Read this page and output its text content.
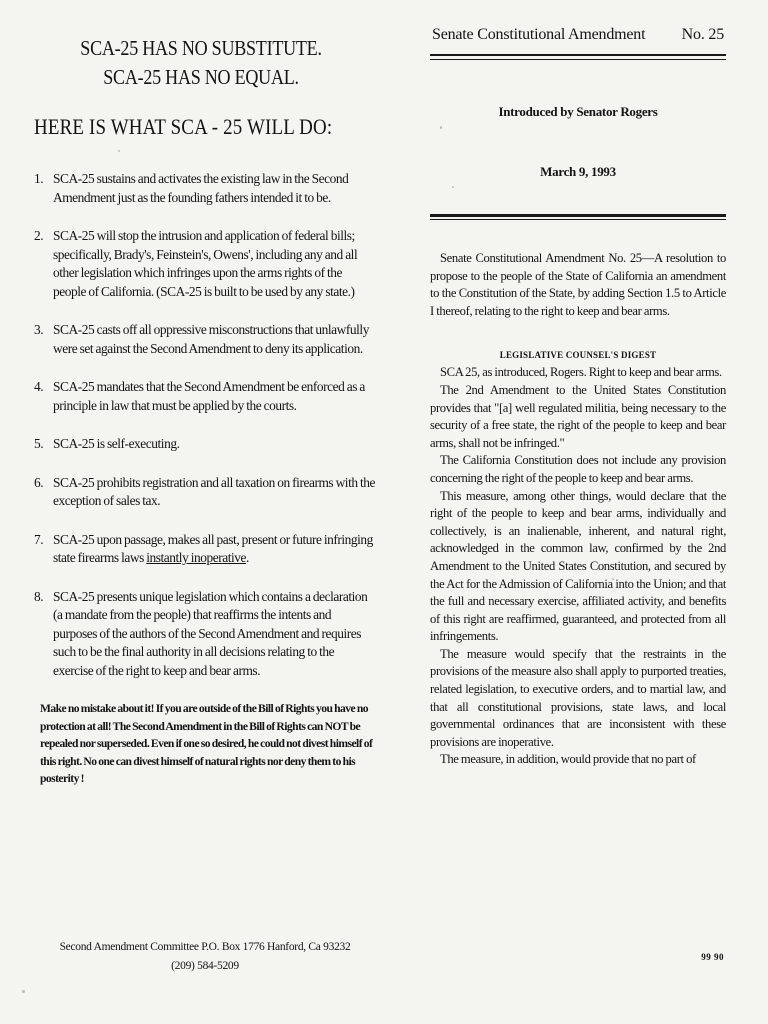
SCA-25 HAS NO SUBSTITUTE.
SCA-25 HAS NO EQUAL.
HERE IS WHAT SCA - 25 WILL DO:
1. SCA-25 sustains and activates the existing law in the Second Amendment just as the founding fathers intended it to be.
2. SCA-25 will stop the intrusion and application of federal bills; specifically, Brady's, Feinstein's, Owens', including any and all other legislation which infringes upon the arms rights of the people of California. (SCA-25 is built to be used by any state.)
3. SCA-25 casts off all oppressive misconstructions that unlawfully were set against the Second Amendment to deny its application.
4. SCA-25 mandates that the Second Amendment be enforced as a principle in law that must be applied by the courts.
5. SCA-25 is self-executing.
6. SCA-25 prohibits registration and all taxation on firearms with the exception of sales tax.
7. SCA-25 upon passage, makes all past, present or future infringing state firearms laws instantly inoperative.
8. SCA-25 presents unique legislation which contains a declaration (a mandate from the people) that reaffirms the intents and purposes of the authors of the Second Amendment and requires such to be the final authority in all decisions relating to the exercise of the right to keep and bear arms.

Make no mistake about it! If you are outside of the Bill of Rights you have no protection at all! The Second Amendment in the Bill of Rights can NOT be repealed nor superseded. Even if one so desired, he could not divest himself of this right. No one can divest himself of natural rights nor deny them to his posterity !

Second Amendment Committee P.O. Box 1776 Hanford, Ca 93232
(209) 584-5209
Senate Constitutional Amendment No. 25
Introduced by Senator Rogers
March 9, 1993

Senate Constitutional Amendment No. 25—A resolution to propose to the people of the State of California an amendment to the Constitution of the State, by adding Section 1.5 to Article I thereof, relating to the right to keep and bear arms.

LEGISLATIVE COUNSEL'S DIGEST

SCA 25, as introduced, Rogers. Right to keep and bear arms.

The 2nd Amendment to the United States Constitution provides that "[a] well regulated militia, being necessary to the security of a free state, the right of the people to keep and bear arms, shall not be infringed."

The California Constitution does not include any provision concerning the right of the people to keep and bear arms.

This measure, among other things, would declare that the right of the people to keep and bear arms, individually and collectively, is an inalienable, inherent, and natural right, acknowledged in the common law, confirmed by the 2nd Amendment to the United States Constitution, and secured by the Act for the Admission of California into the Union; and that the full and necessary exercise, affiliated activity, and benefits of this right are reaffirmed, guaranteed, and protected from all infringements.

The measure would specify that the restraints in the provisions of the measure also shall apply to purported treaties, related legislation, to executive orders, and to martial law, and that all constitutional provisions, state laws, and local governmental ordinances that are inconsistent with these provisions are inoperative.

The measure, in addition, would provide that no part of

99 90
